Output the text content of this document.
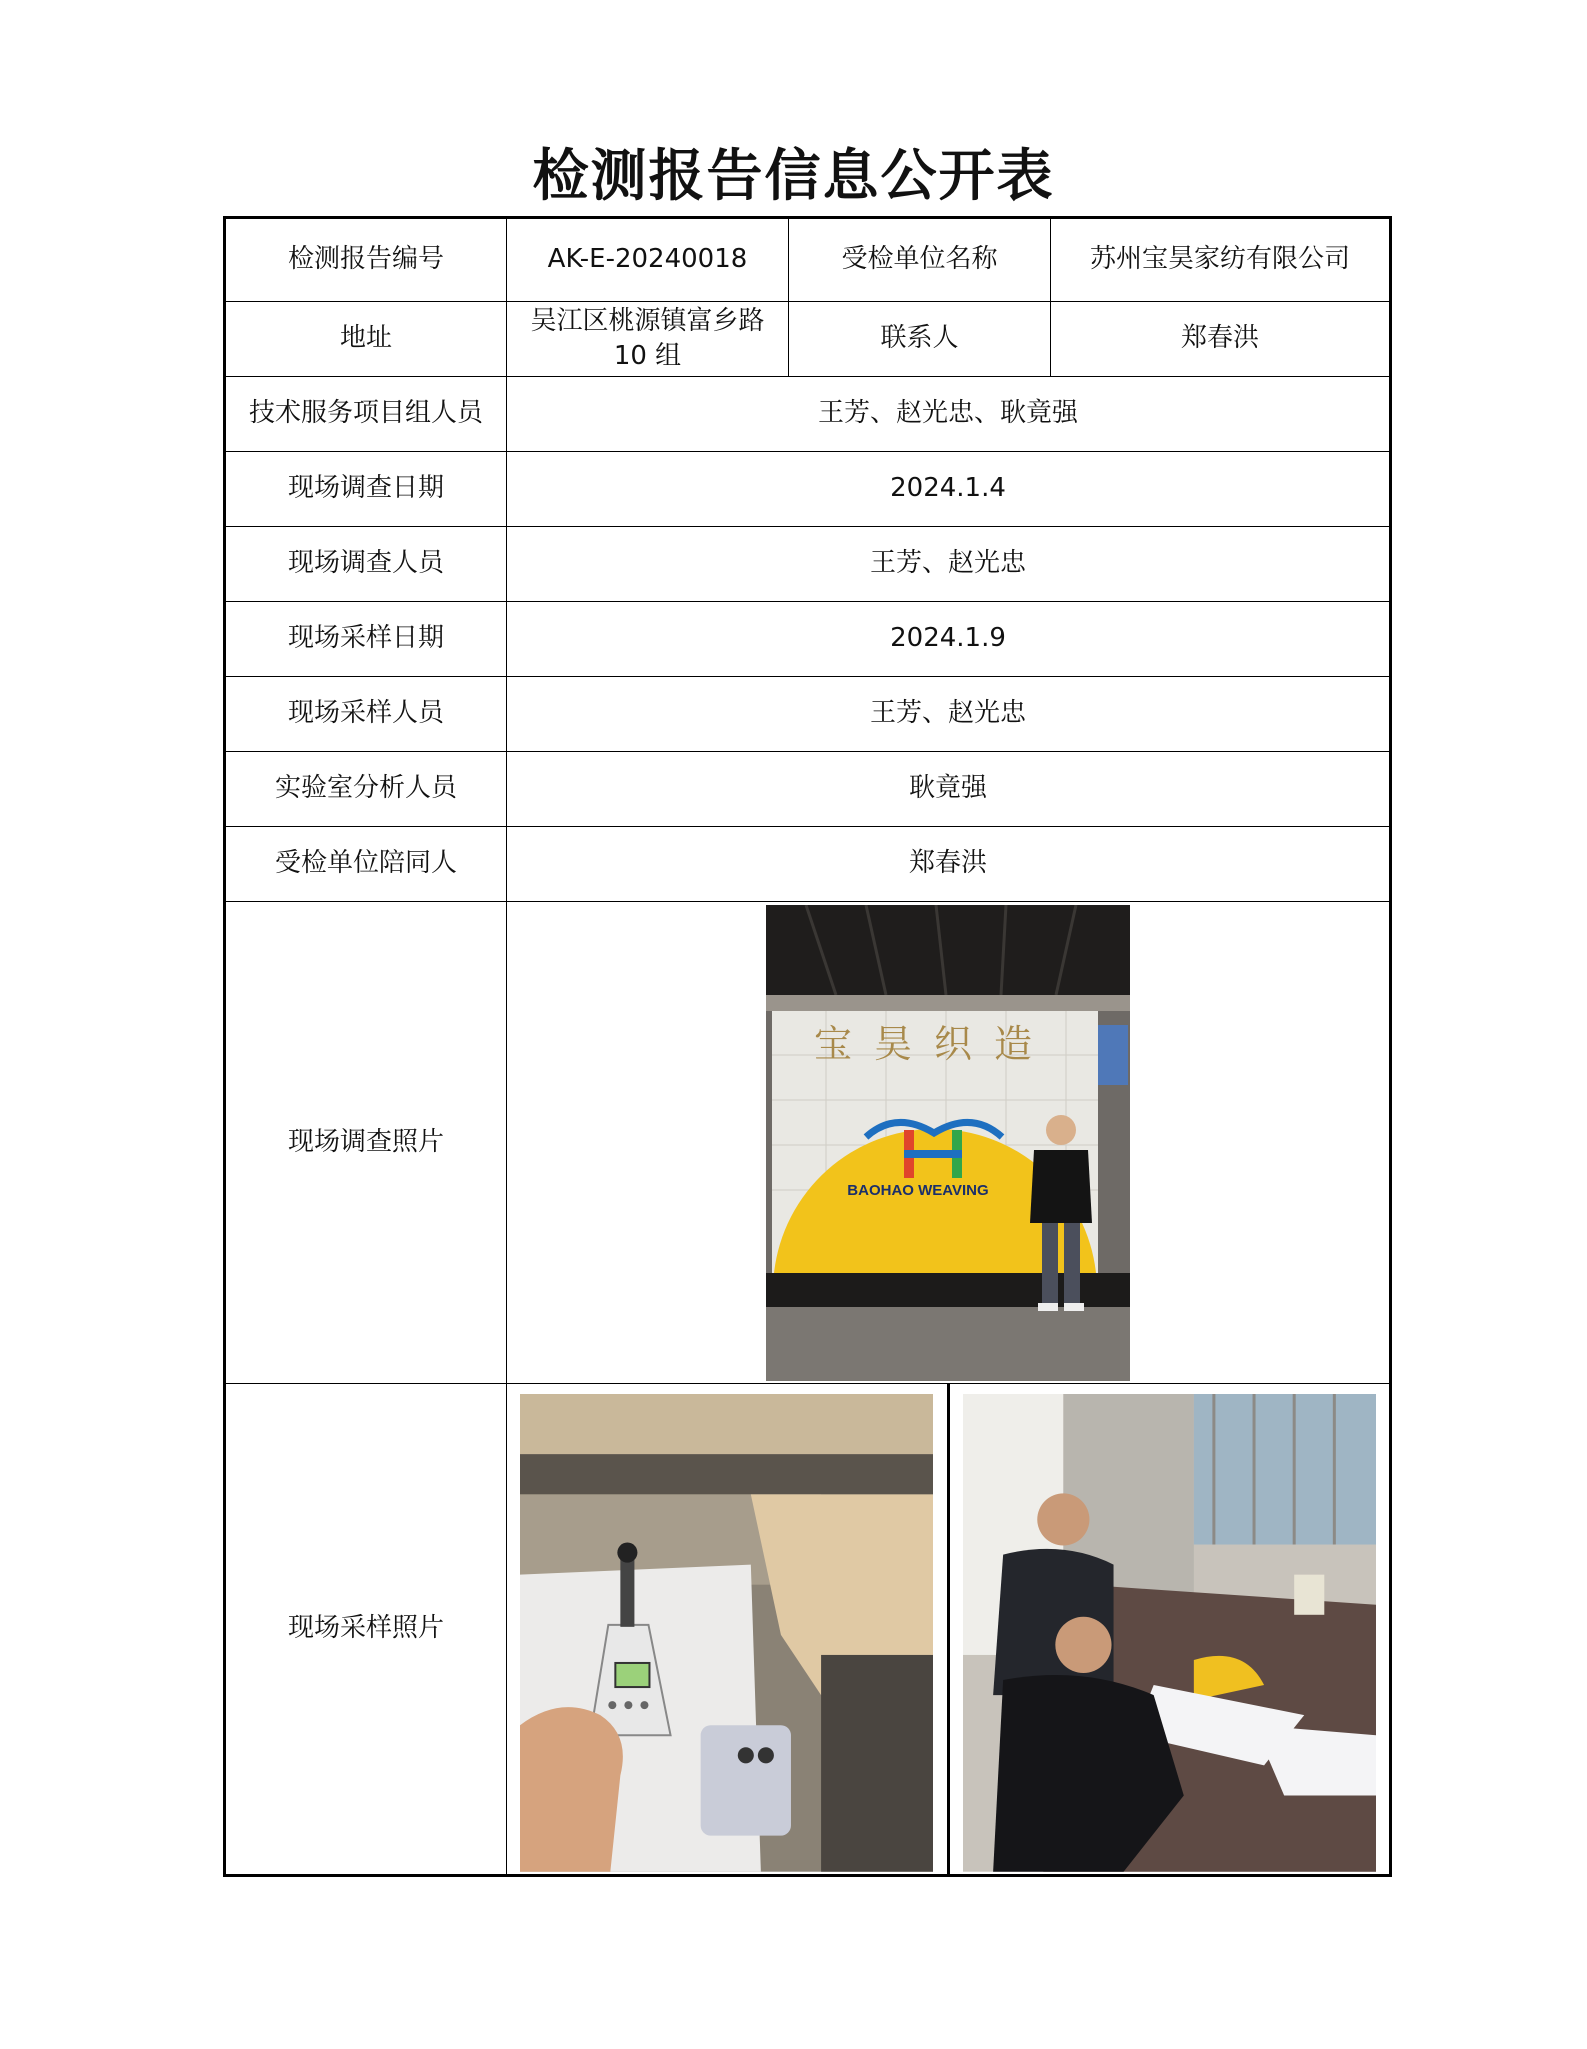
检测报告信息公开表
检测报告编号	AK-E-20240018	受检单位名称	苏州宝昊家纺有限公司
地址	吴江区桃源镇富乡路10 组	联系人	郑春洪
技术服务项目组人员	王芳、赵光忠、耿竟强		
现场调查日期	2024.1.4		
现场调查人员	王芳、赵光忠		
现场采样日期	2024.1.9		
现场采样人员	王芳、赵光忠		
实验室分析人员	耿竟强		
受检单位陪同人	郑春洪		
现场调查照片	宝昊织造
BAOHAO WEAVING		

现场采样照片	
